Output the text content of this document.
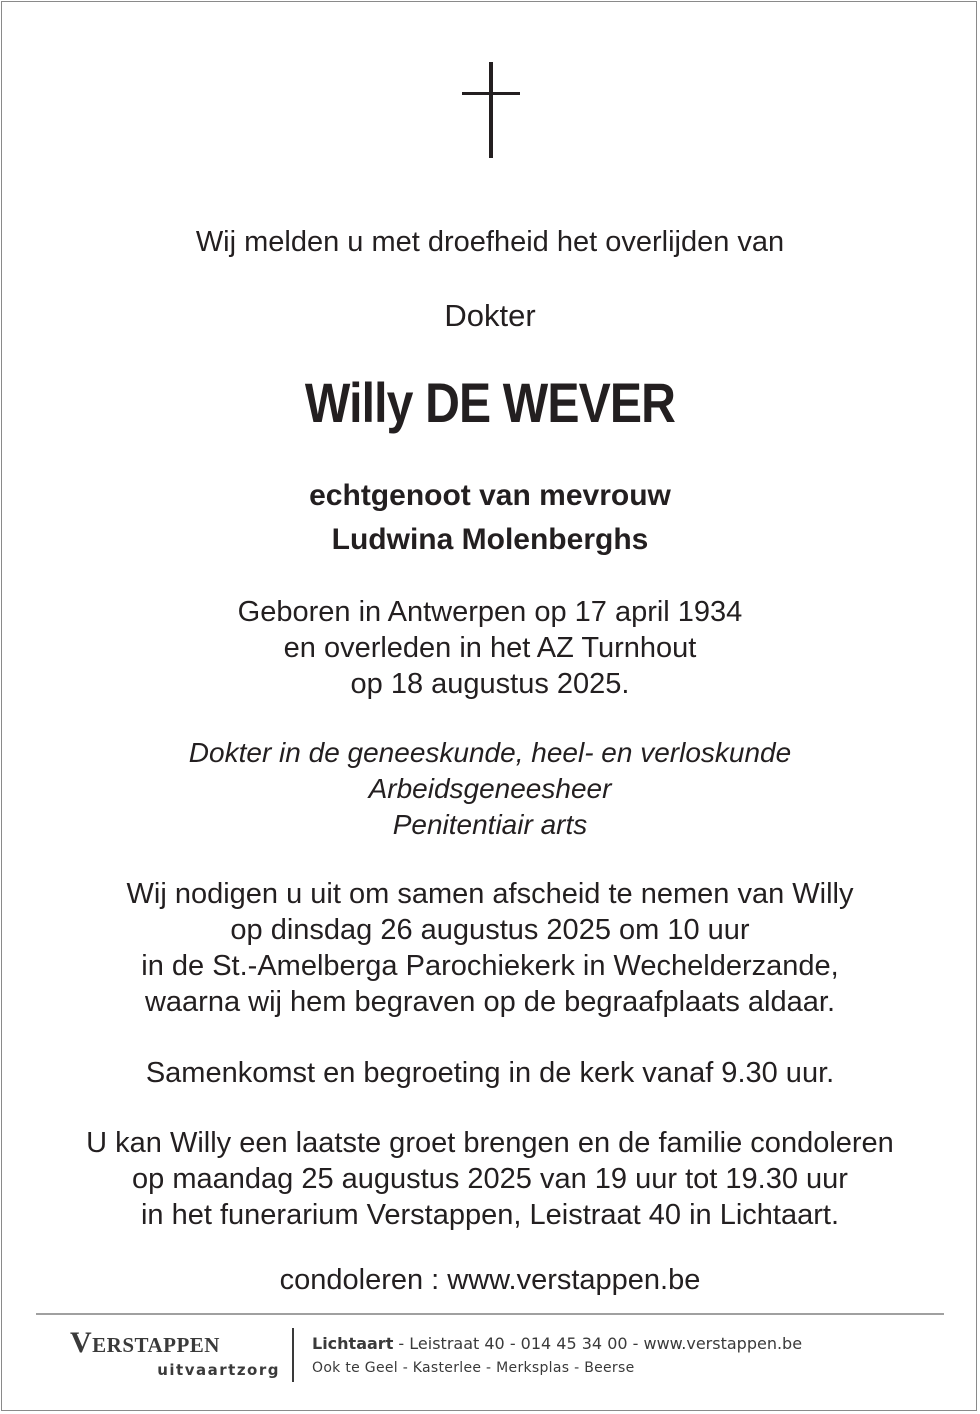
Wij melden u met droefheid het overlijden van
Dokter
Willy DE WEVER
echtgenoot van mevrouw
Ludwina Molenberghs
Geboren in Antwerpen op 17 april 1934
en overleden in het AZ Turnhout
op 18 augustus 2025.
Dokter in de geneeskunde, heel- en verloskunde
Arbeidsgeneesheer
Penitentiair arts
Wij nodigen u uit om samen afscheid te nemen van Willy
op dinsdag 26 augustus 2025 om 10 uur
in de St.-Amelberga Parochiekerk in Wechelderzande,
waarna wij hem begraven op de begraafplaats aldaar.
Samenkomst en begroeting in de kerk vanaf 9.30 uur.
U kan Willy een laatste groet brengen en de familie condoleren
op maandag 25 augustus 2025 van 19 uur tot 19.30 uur
in het funerarium Verstappen, Leistraat 40 in Lichtaart.
condoleren : www.verstappen.be
Verstappen
uitvaartzorg
Lichtaart - Leistraat 40 - 014 45 34 00 - www.verstappen.be
Ook te Geel - Kasterlee - Merksplas - Beerse
